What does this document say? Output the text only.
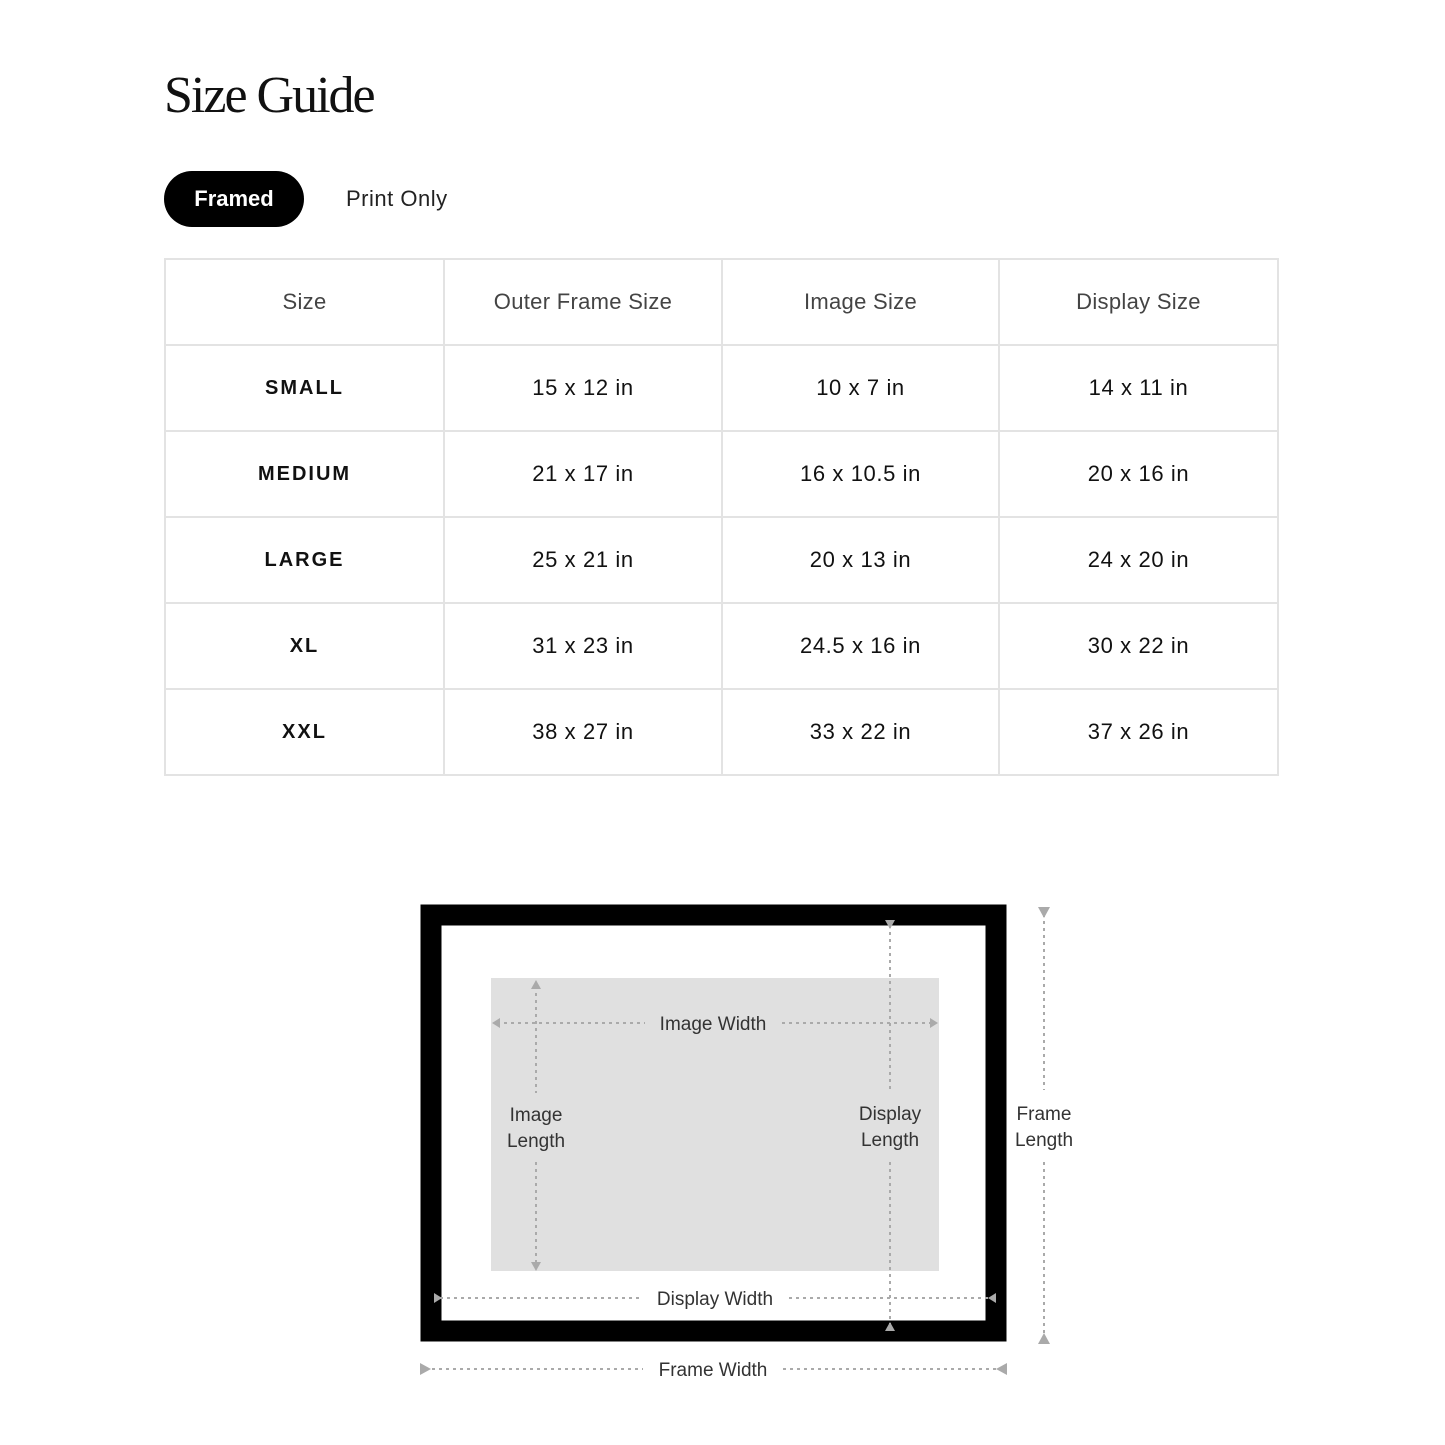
Size Guide
Framed	Print Only
Size	Outer Frame Size	Image Size	Display Size
SMALL	15 x 12 in	10 x 7 in	14 x 11 in
MEDIUM	21 x 17 in	16 x 10.5 in	20 x 16 in
LARGE	25 x 21 in	20 x 13 in	24 x 20 in
XL	31 x 23 in	24.5 x 16 in	30 x 22 in
XXL	38 x 27 in	33 x 22 in	37 x 26 in
Image Width
Image
Length
Display
Length
Frame
Length
Display Width
Frame Width
